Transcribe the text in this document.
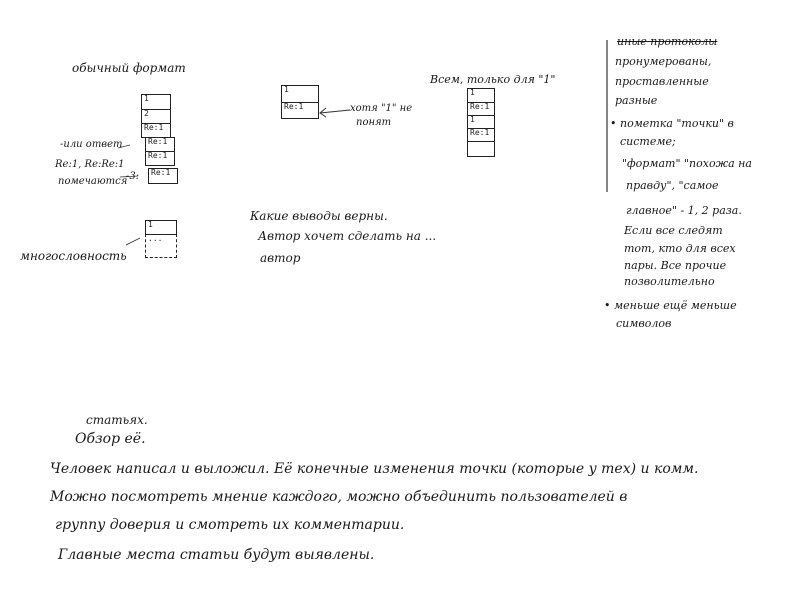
обычный формат
1
2
Re:1
Re:1
Re:1
Re:1
-или ответ
Re:1, Re:Re:1
помечаются
-3:
многословность
1
...
1
Re:1	хотя "1" не
понят
Всем, только для "1"
1
Re:1
1
Re:1
Какие выводы верны.
Автор хочет сделать на ...
автор
иные протоколы
пронумерованы,
проставленные
разные
• пометка "точки" в
системе;
"формат" "похожа на
правду", "самое
главное" - 1, 2 раза.
Если все следят
тот, кто для всех
пары. Все прочие
позволительно
• меньше ещё меньше
символов
статьях.
Обзор её.
Человек написал и выложил. Её конечные изменения точки (которые у тех) и комм.
Можно посмотреть мнение каждого, можно объединить пользователей в
группу доверия и смотреть их комментарии.
Главные места статьи будут выявлены.
